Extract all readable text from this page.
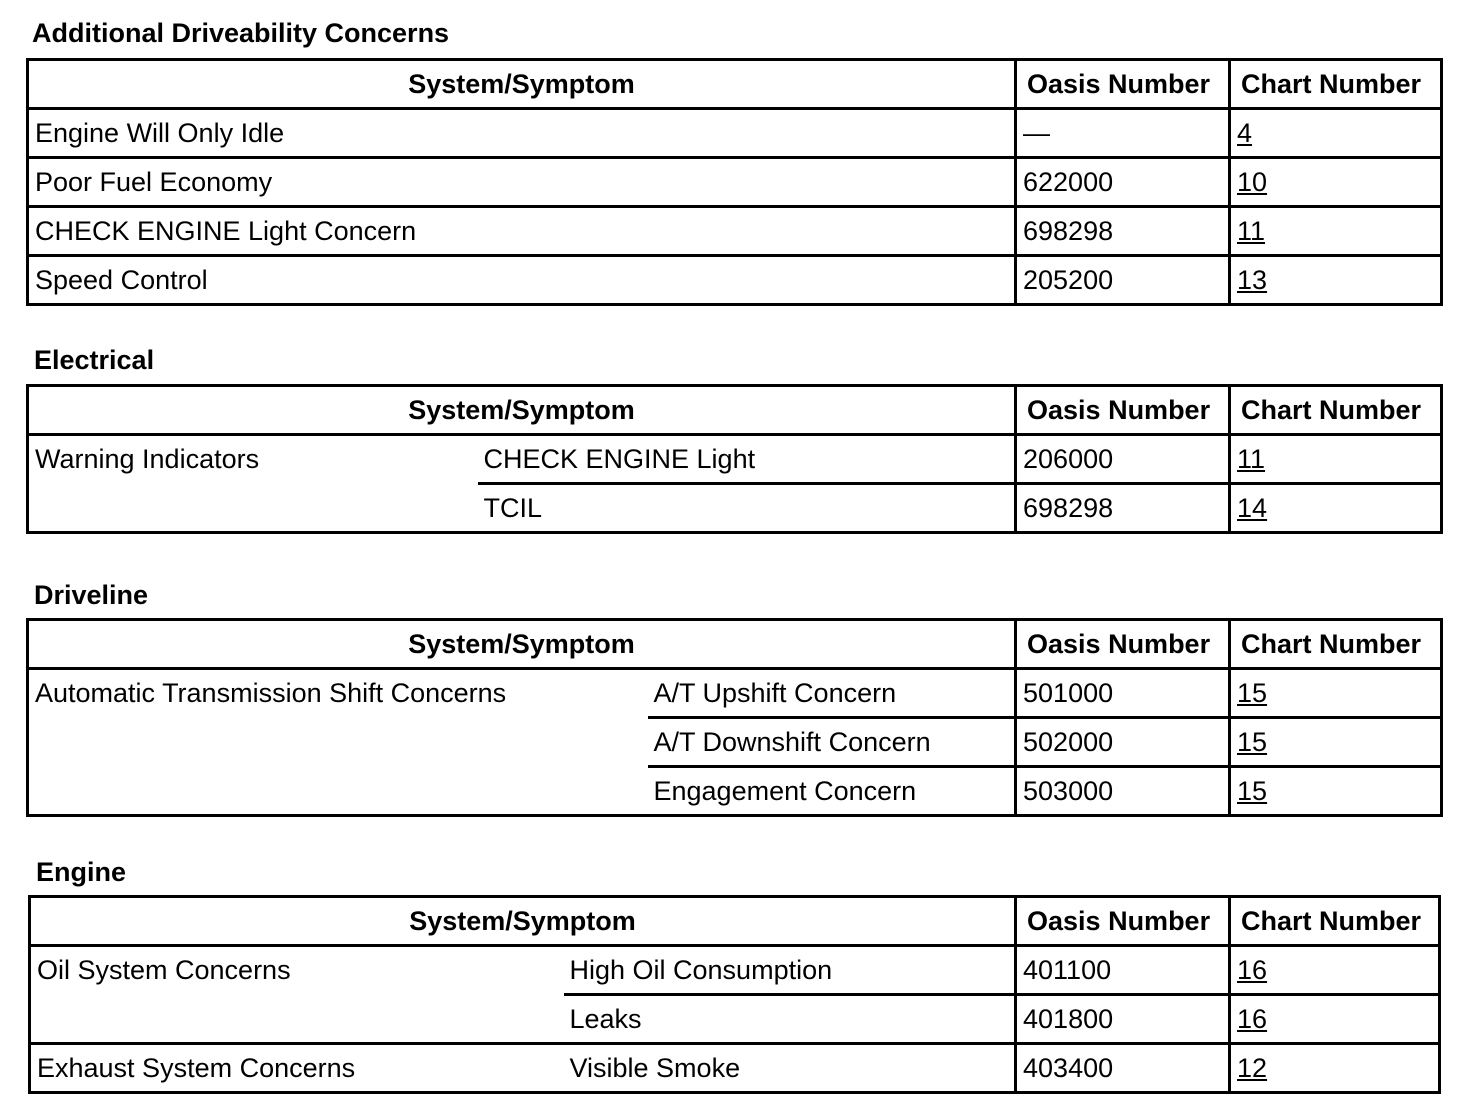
Additional Driveability Concerns
System/Symptom	Oasis Number	Chart Number
Engine Will Only Idle	—	4
Poor Fuel Economy	622000	10
CHECK ENGINE Light Concern	698298	11
Speed Control	205200	13
Electrical
System/Symptom		Oasis Number	Chart Number
Warning Indicators	CHECK ENGINE Light	206000	11
	TCIL	698298	14
Driveline
System/Symptom		Oasis Number	Chart Number
Automatic Transmission Shift Concerns	A/T Upshift Concern	501000	15
	A/T Downshift Concern	502000	15
	Engagement Concern	503000	15
Engine
System/Symptom		Oasis Number	Chart Number
Oil System Concerns	High Oil Consumption	401100	16
	Leaks	401800	16
Exhaust System Concerns	Visible Smoke	403400	12
